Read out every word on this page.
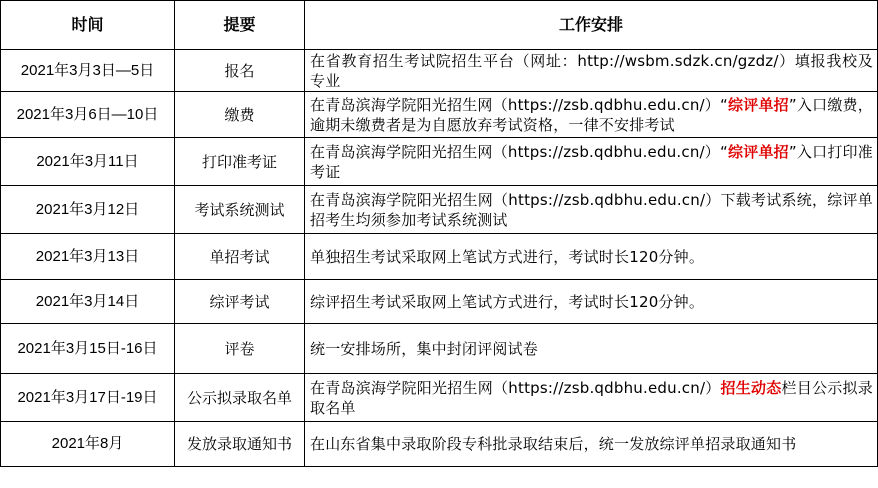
时间	提要	工作安排
2021年3月3日—5日	报名	在省教育招生考试院招生平台（网址：http://wsbm.sdzk.cn/gzdz/）填报我校及专业
2021年3月6日—10日	缴费	在青岛滨海学院阳光招生网（https://zsb.qdbhu.edu.cn/）“综评单招”入口缴费，逾期未缴费者是为自愿放弃考试资格，一律不安排考试
2021年3月11日	打印准考证	在青岛滨海学院阳光招生网（https://zsb.qdbhu.edu.cn/）“综评单招”入口打印准考证
2021年3月12日	考试系统测试	在青岛滨海学院阳光招生网（https://zsb.qdbhu.edu.cn/）下载考试系统，综评单招考生均须参加考试系统测试
2021年3月13日	单招考试	单独招生考试采取网上笔试方式进行，考试时长120分钟。
2021年3月14日	综评考试	综评招生考试采取网上笔试方式进行，考试时长120分钟。
2021年3月15日-16日	评卷	统一安排场所，集中封闭评阅试卷
2021年3月17日-19日	公示拟录取名单	在青岛滨海学院阳光招生网（https://zsb.qdbhu.edu.cn/）招生动态栏目公示拟录取名单
2021年8月	发放录取通知书	在山东省集中录取阶段专科批录取结束后，统一发放综评单招录取通知书
